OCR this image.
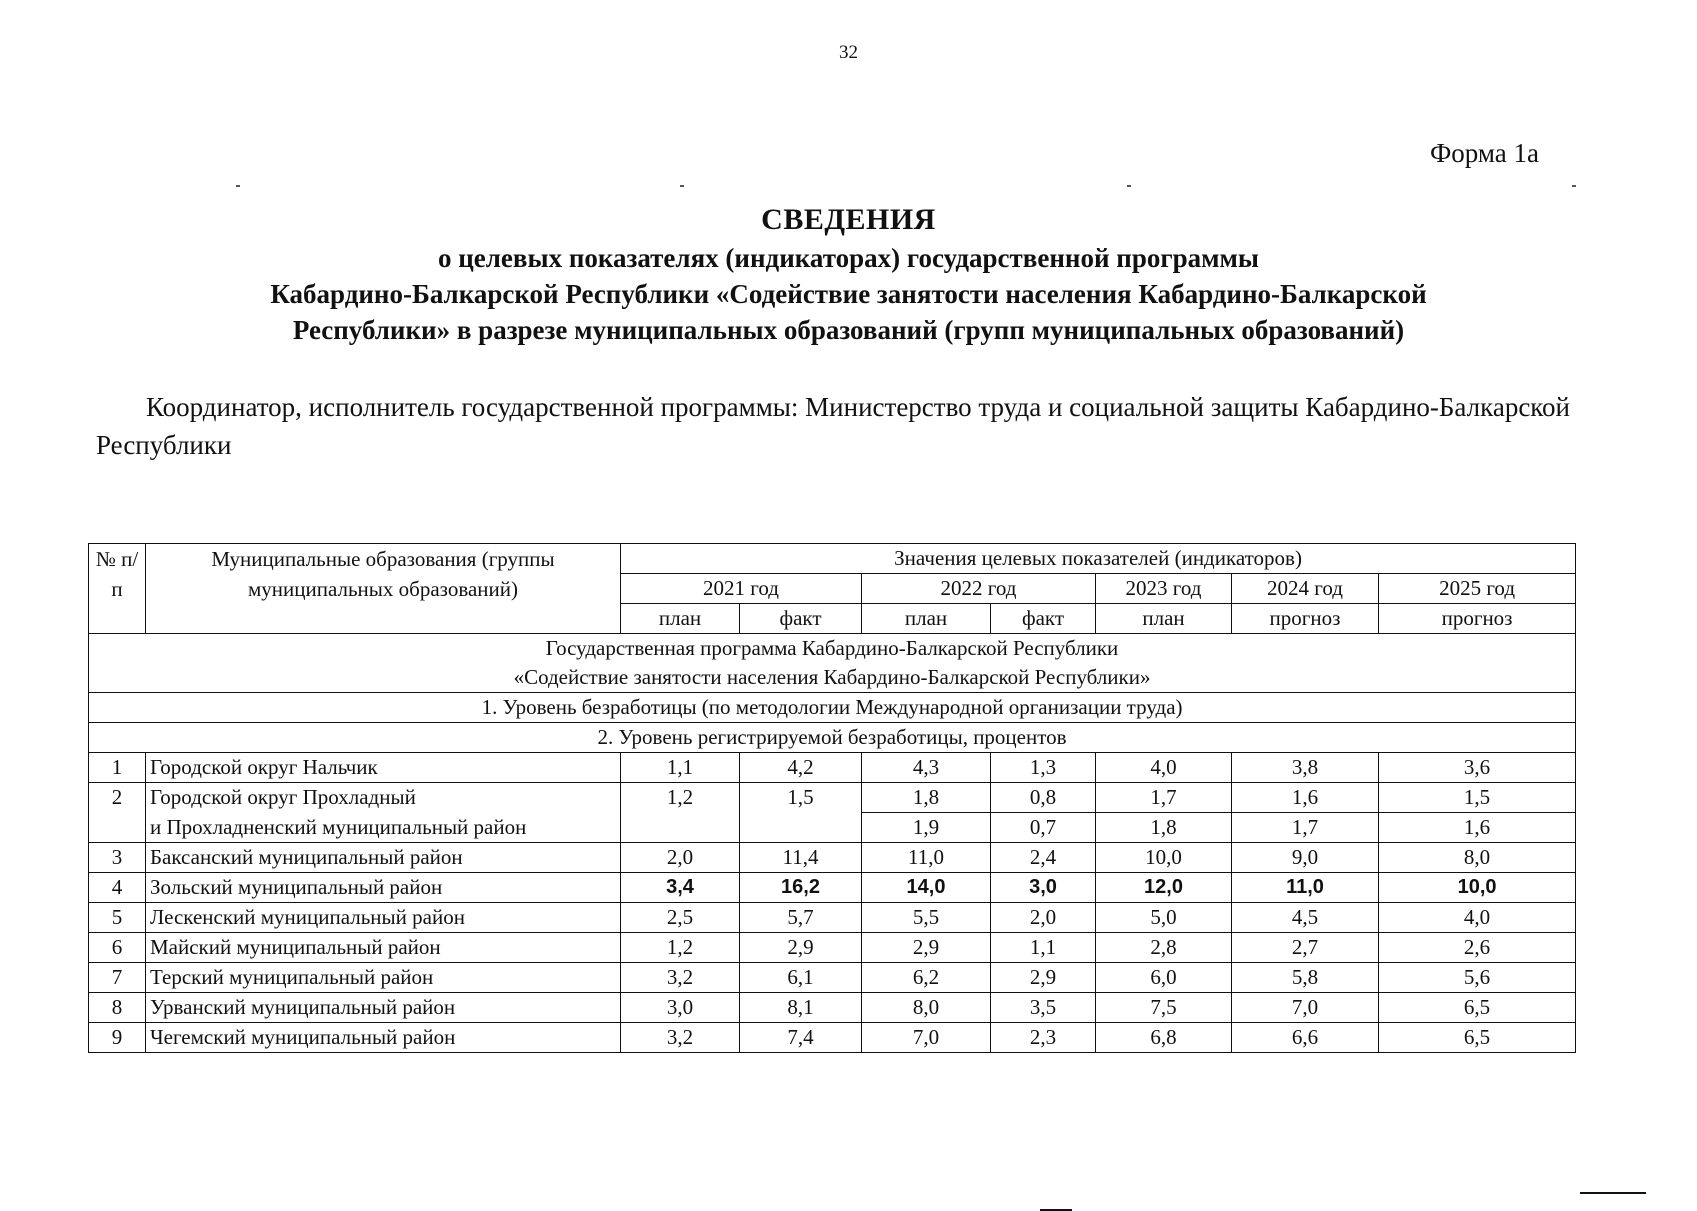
32
Форма 1а
СВЕДЕНИЯ
о целевых показателях (индикаторах) государственной программы
Кабардино-Балкарской Республики «Содействие занятости населения Кабардино-Балкарской
Республики» в разрезе муниципальных образований (групп муниципальных образований)
Координатор, исполнитель государственной программы: Министерство труда и социальной защиты Кабардино-Балкарской Республики
№ п/п	Муниципальные образования (группы муниципальных образований)	Значения целевых показателей (индикаторов)						
		2021 год		2022 год		2023 год	2024 год	2025 год
		план	факт	план	факт	план	прогноз	прогноз

Государственная программа Кабардино-Балкарской Республики
«Содействие занятости населения Кабардино-Балкарской Республики»								

1. Уровень безработицы (по методологии Международной организации труда)								
2. Уровень регистрируемой безработицы, процентов								
1	Городской округ Нальчик	1,1	4,2	4,3	1,3	4,0	3,8	3,6
2	Городской округ Прохладный	1,2	1,5	1,8	0,8	1,7	1,6	1,5
	и Прохладненский муниципальный район			1,9	0,7	1,8	1,7	1,6
3	Баксанский муниципальный район	2,0	11,4	11,0	2,4	10,0	9,0	8,0
4	Зольский муниципальный район	3,4	16,2	14,0	3,0	12,0	11,0	10,0
5	Лескенский муниципальный район	2,5	5,7	5,5	2,0	5,0	4,5	4,0
6	Майский муниципальный район	1,2	2,9	2,9	1,1	2,8	2,7	2,6
7	Терский муниципальный район	3,2	6,1	6,2	2,9	6,0	5,8	5,6
8	Урванский муниципальный район	3,0	8,1	8,0	3,5	7,5	7,0	6,5
9	Чегемский муниципальный район	3,2	7,4	7,0	2,3	6,8	6,6	6,5
